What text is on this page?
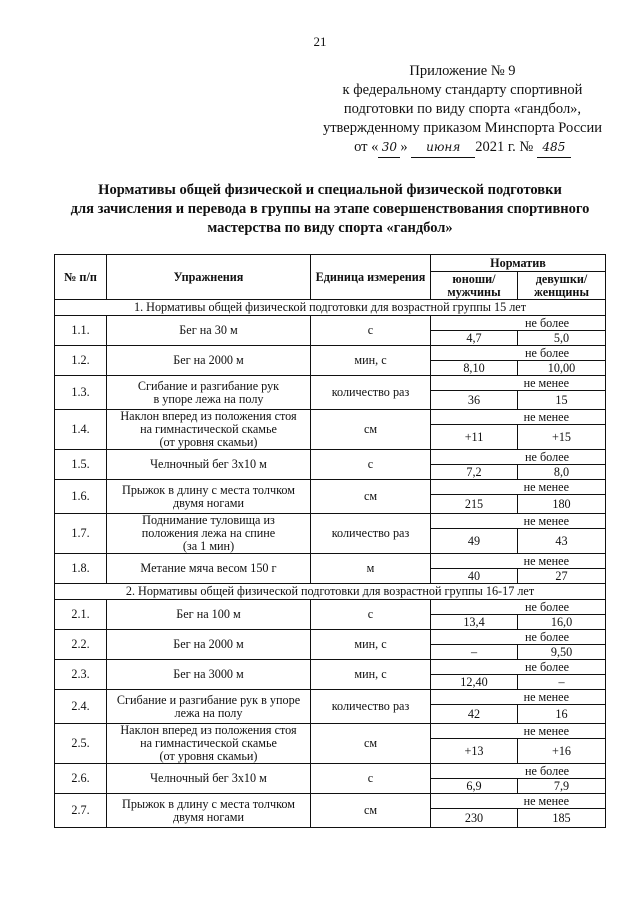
21
Приложение № 9
к федеральному стандарту спортивной
подготовки по виду спорта «гандбол»,
утвержденному приказом Минспорта России
от « 30 » июня 2021 г. № 485
Нормативы общей физической и специальной физической подготовки
для зачисления и перевода в группы на этапе совершенствования спортивного
мастерства по виду спорта «гандбол»
№ п/п	Упражнения	Единица измерения	Норматив	
			юноши/ мужчины	девушки/ женщины
1. Нормативы общей физической подготовки для возрастной группы 15 лет				
1.1.	Бег на 30 м	с	не более	
			4,7	5,0
1.2.	Бег на 2000 м	мин, с	не более	
			8,10	10,00
1.3.	Сгибание и разгибание рук
в упоре лежа на полу	количество раз	не менее	
			36	15
1.4.	Наклон вперед из положения стоя
на гимнастической скамье
(от уровня скамьи)	см	не менее	
			+11	+15
1.5.	Челночный бег 3х10 м	с	не более	
			7,2	8,0
1.6.	Прыжок в длину с места толчком
двумя ногами	см	не менее	
			215	180
1.7.	Поднимание туловища из
положения лежа на спине
(за 1 мин)	количество раз	не менее	
			49	43
1.8.	Метание мяча весом 150 г	м	не менее	
			40	27
2. Нормативы общей физической подготовки для возрастной группы 16-17 лет				
2.1.	Бег на 100 м	с	не более	
			13,4	16,0
2.2.	Бег на 2000 м	мин, с	не более	
			–	9,50
2.3.	Бег на 3000 м	мин, с	не более	
			12,40	–
2.4.	Сгибание и разгибание рук в упоре
лежа на полу	количество раз	не менее	
			42	16
2.5.	Наклон вперед из положения стоя
на гимнастической скамье
(от уровня скамьи)	см	не менее	
			+13	+16
2.6.	Челночный бег 3х10 м	с	не более	
			6,9	7,9
2.7.	Прыжок в длину с места толчком
двумя ногами	см	не менее	
			230	185
